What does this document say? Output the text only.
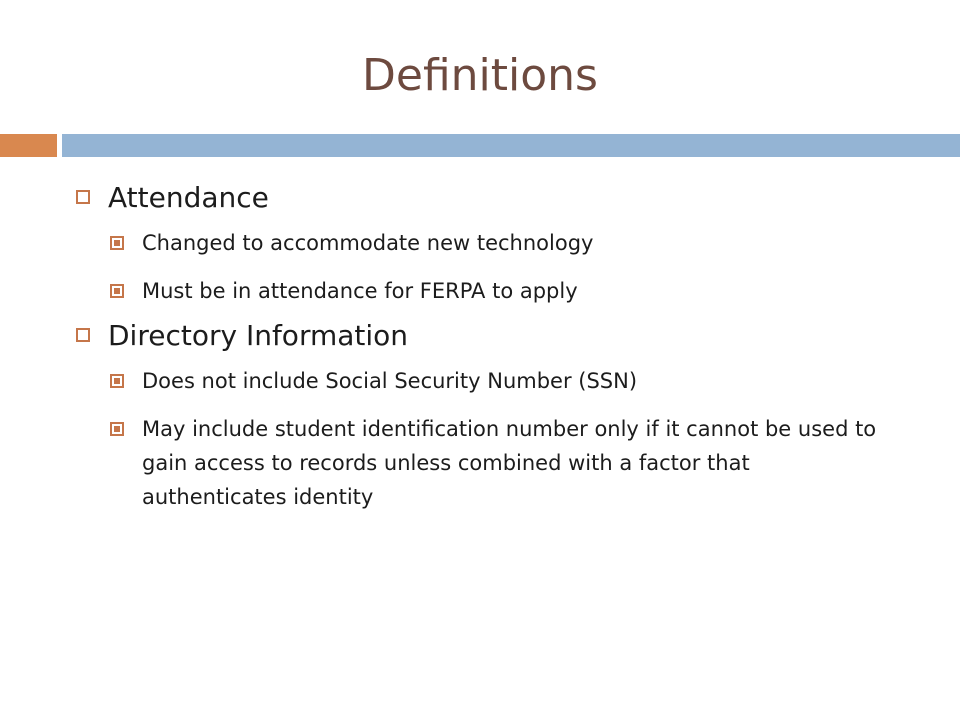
Definitions
Attendance
Changed to accommodate new technology
Must be in attendance for FERPA to apply
Directory Information
Does not include Social Security Number (SSN)
May include student identification number only if it cannot be used to gain access to records unless combined with a factor that authenticates identity
